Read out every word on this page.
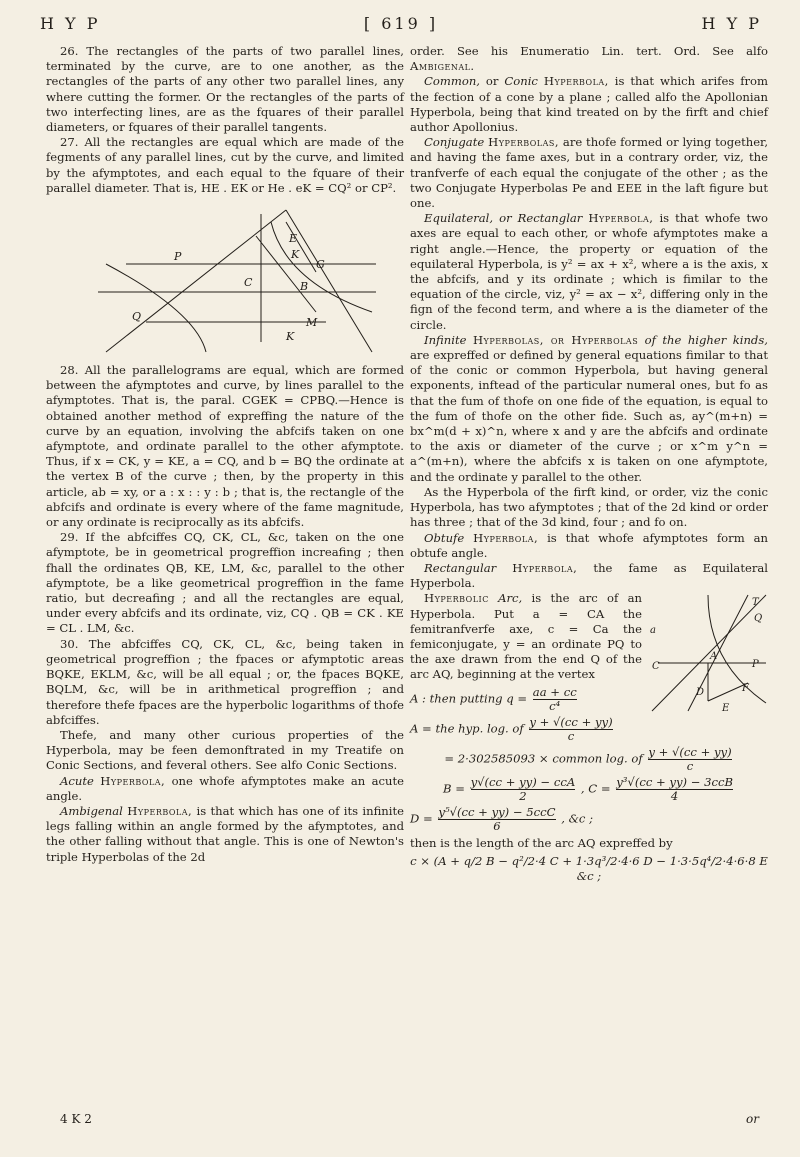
H Y P	[ 619 ]	H Y P

26. The rectangles of the parts of two parallel lines, terminated by the curve, are to one another, as the rectangles of the parts of any other two parallel lines, any where cutting the former. Or the rectangles of the parts of two interfecting lines, are as the fquares of their parallel diameters, or fquares of their parallel tangents.

27. All the rectangles are equal which are made of the fegments of any parallel lines, cut by the curve, and limited by the afymptotes, and each equal to the fquare of their parallel diameter. That is, HE . EK or He . eK = CQ² or CP².

P
E
K
G
C	B
Q	M
K

28. All the parallelograms are equal, which are formed between the afymptotes and curve, by lines parallel to the afymptotes. That is, the paral. CGEK = CPBQ.—Hence is obtained another method of expreffing the nature of the curve by an equation, involving the abfcifs taken on one afymptote, and ordinate parallel to the other afymptote. Thus, if x = CK, y = KE, a = CQ, and b = BQ the ordinate at the vertex B of the curve ; then, by the property in this article, ab = xy, or a : x : : y : b ; that is, the rectangle of the abfcifs and ordinate is every where of the fame magnitude, or any ordinate is reciprocally as its abfcifs.

29. If the abfciffes CQ, CK, CL, &c, taken on the one afymptote, be in geometrical progreffion increafing ; then fhall the ordinates QB, KE, LM, &c, parallel to the other afymptote, be a like geometrical progreffion in the fame ratio, but decreafing ; and all the rectangles are equal, under every abfcifs and its ordinate, viz, CQ . QB = CK . KE = CL . LM, &c.

30. The abfciffes CQ, CK, CL, &c, being taken in geometrical progreffion ; the fpaces or afymptotic areas BQKE, EKLM, &c, will be all equal ; or, the fpaces BQKE, BQLM, &c, will be in arithmetical progreffion ; and therefore thefe fpaces are the hyperbolic logarithms of thofe abfciffes.

Thefe, and many other curious properties of the Hyperbola, may be feen demonftrated in my Treatife on Conic Sections, and feveral others. See alfo Conic Sections.

Acute Hyperbola, one whofe afymptotes make an acute angle.

Ambigenal Hyperbola, is that which has one of its infinite legs falling within an angle formed by the afymptotes, and the other falling without that angle. This is one of Newton's triple Hyperbolas of the 2d

order. See his Enumeratio Lin. tert. Ord. See alfo Ambigenal.

Common, or Conic Hyperbola, is that which arifes from the fection of a cone by a plane ; called alfo the Apollonian Hyperbola, being that kind treated on by the firft and chief author Apollonius.

Conjugate Hyperbolas, are thofe formed or lying together, and having the fame axes, but in a contrary order, viz, the tranfverfe of each equal the conjugate of the other ; as the two Conjugate Hyperbolas Pe and EEE in the laft figure but one.

Equilateral, or Rectanglar Hyperbola, is that whofe two axes are equal to each other, or whofe afymptotes make a right angle.—Hence, the property or equation of the equilateral Hyperbola, is y² = ax + x², where a is the axis, x the abfcifs, and y its ordinate ; which is fimilar to the equation of the circle, viz, y² = ax − x², differing only in the fign of the fecond term, and where a is the diameter of the circle.

Infinite Hyperbolas, or Hyperbolas of the higher kinds, are expreffed or defined by general equations fimilar to that of the conic or common Hyperbola, but having general exponents, inftead of the particular numeral ones, but fo as that the fum of thofe on one fide of the equation, is equal to the fum of thofe on the other fide. Such as, ay^(m+n) = bx^m(d + x)^n, where x and y are the abfcifs and ordinate to the axis or diameter of the curve ; or x^m y^n = a^(m+n), where the abfcifs x is taken on one afymptote, and the ordinate y parallel to the other.

As the Hyperbola of the firft kind, or order, viz the conic Hyperbola, has two afymptotes ; that of the 2d kind or order has three ; that of the 3d kind, four ; and fo on.

Obtufe Hyperbola, is that whofe afymptotes form an obtufe angle.

Rectangular Hyperbola, the fame as Equilateral Hyperbola.

T
Q
A
P
C
D	F
E
a
Hyperbolic Arc, is the arc of an Hyperbola. Put a = CA the femitranfverfe axe, c = Ca the femiconjugate, y = an ordinate PQ to the axe drawn from the end Q of the arc AQ, beginning at the vertex

A : then putting $q = \frac{aa + cc}{\text{c⁴}}$
A = the hyp. log. of $\frac{y + √(cc + yy)}{c}$
= 2·302585093 × common log. of $\frac{y + √(cc + yy)}{c}$
$B = \frac{\text{y√(cc + yy) − ccA}}{2}$ , $C = \frac{\text{y³√(cc + yy) − 3ccB}}{4}$
$D = \frac{\text{y⁵√(cc + yy) − 5ccC}}{6}$ , &c ;

then is the length of the arc AQ expreffed by

c × (A + q/2 B − q²/2·4 C + 1·3q³/2·4·6 D − 1·3·5q⁴/2·4·6·8 E &c ;
4 K 2	or
